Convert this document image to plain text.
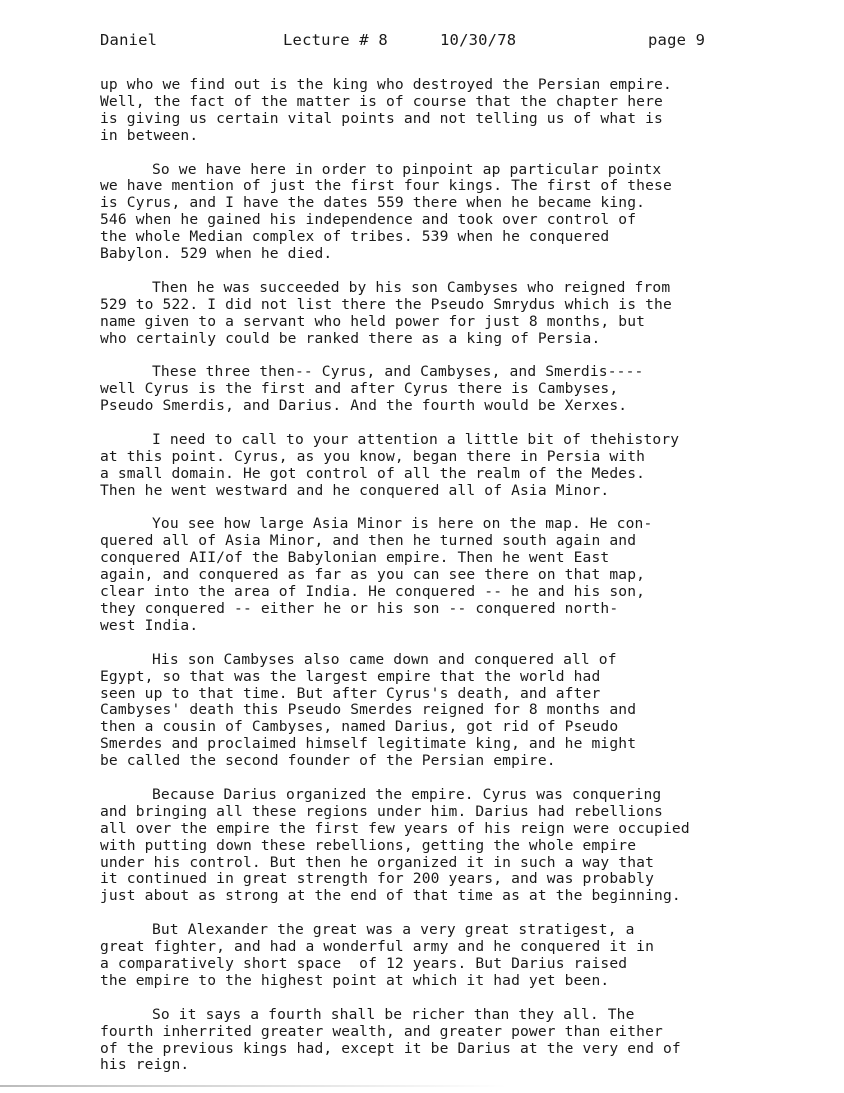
Daniel	Lecture # 8	10/30/78	page 9

up who we find out is the king who destroyed the Persian empire.
Well, the fact of the matter is of course that the chapter here
is giving us certain vital points and not telling us of what is
in between.

So we have here in order to pinpoint ap particular pointx
we have mention of just the first four kings. The first of these
is Cyrus, and I have the dates 559 there when he became king.
546 when he gained his independence and took over control of
the whole Median complex of tribes. 539 when he conquered
Babylon. 529 when he died.

Then he was succeeded by his son Cambyses who reigned from
529 to 522. I did not list there the Pseudo Smrydus which is the
name given to a servant who held power for just 8 months, but
who certainly could be ranked there as a king of Persia.

These three then-- Cyrus, and Cambyses, and Smerdis----
well Cyrus is the first and after Cyrus there is Cambyses,
Pseudo Smerdis, and Darius. And the fourth would be Xerxes.

I need to call to your attention a little bit of thehistory
at this point. Cyrus, as you know, began there in Persia with
a small domain. He got control of all the realm of the Medes.
Then he went westward and he conquered all of Asia Minor.

You see how large Asia Minor is here on the map. He con-
quered all of Asia Minor, and then he turned south again and
conquered AII/of the Babylonian empire. Then he went East
again, and conquered as far as you can see there on that map,
clear into the area of India. He conquered -- he and his son,
they conquered -- either he or his son -- conquered north-
west India.

His son Cambyses also came down and conquered all of
Egypt, so that was the largest empire that the world had
seen up to that time. But after Cyrus's death, and after
Cambyses' death this Pseudo Smerdes reigned for 8 months and
then a cousin of Cambyses, named Darius, got rid of Pseudo
Smerdes and proclaimed himself legitimate king, and he might
be called the second founder of the Persian empire.

Because Darius organized the empire. Cyrus was conquering
and bringing all these regions under him. Darius had rebellions
all over the empire the first few years of his reign were occupied
with putting down these rebellions, getting the whole empire
under his control. But then he organized it in such a way that
it continued in great strength for 200 years, and was probably
just about as strong at the end of that time as at the beginning.

But Alexander the great was a very great stratigest, a
great fighter, and had a wonderful army and he conquered it in
a comparatively short space  of 12 years. But Darius raised
the empire to the highest point at which it had yet been.

So it says a fourth shall be richer than they all. The
fourth inherrited greater wealth, and greater power than either
of the previous kings had, except it be Darius at the very end of
his reign.
